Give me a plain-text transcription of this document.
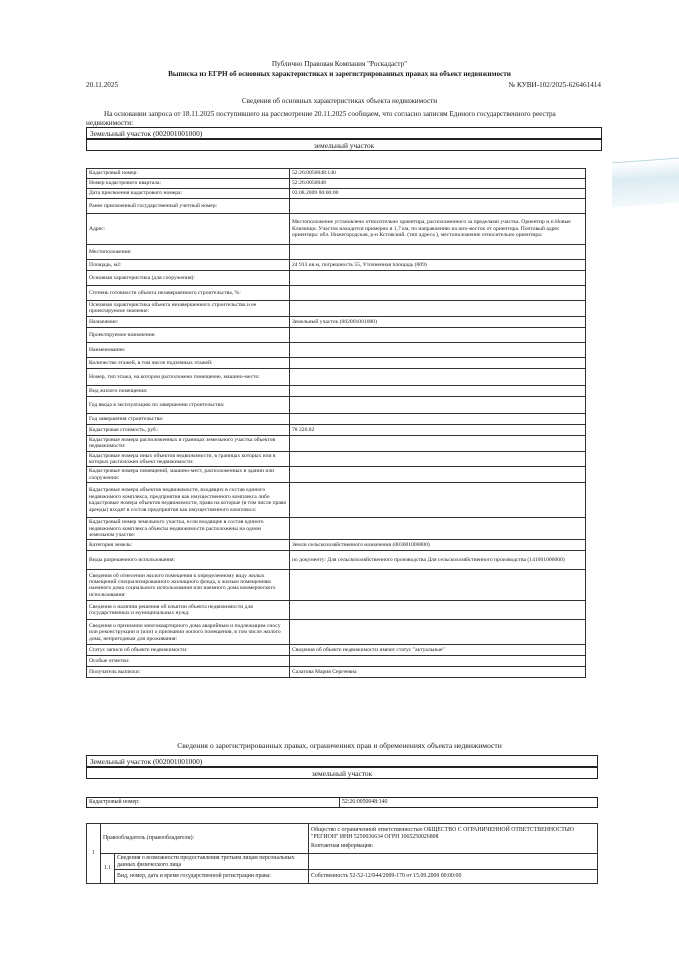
Публично Правовая Компания "Роскадастр"
Выписка из ЕГРН об основных характеристиках и зарегистрированных правах на объект недвижимости
20.11.2025	№ КУВИ-102/2025-626461414
Сведения об основных характеристиках объекта недвижимости
На основании запроса от 18.11.2025 поступившего на рассмотрение 20.11.2025 сообщаем, что согласно записям Единого государственного реестра недвижимости:
Земельный участок (002001001000)
земельный участок
Кадастровый номер:	52:26:0050048:140
Номер кадастрового квартала:	52:26:0050048
Дата присвоения кадастрового номера:	03.08.2009 00:00:00
Ранее присвоенный государственный учетный номер:	
Адрес:	Местоположение установлено относительно ориентира, расположенного за пределами участка. Ориентир н.п.Новые Ключищи. Участок находится примерно в 1,7 км, по направлению на юго-восток от ориентира. Почтовый адрес ориентира: обл. Нижегородская, р-н Кстовский. (тип адреса ), местоположение относительно ориентира:
Местоположение:	
Площадь, м2:	24 913 кв.м, погрешность 55, Уточненная площадь (009)
Основная характеристика (для сооружения):	
Степень готовности объекта незавершенного строительства, %:	
Основная характеристика объекта незавершенного строительства и ее проектируемое значение:	
Назначение:	Земельный участок (002001001000)
Проектируемое назначение:	
Наименование:	
Количество этажей, в том числе подземных этажей:	
Номер, тип этажа, на котором расположено помещение, машино-место:	
Вид жилого помещения:	
Год ввода в эксплуатацию по завершении строительства:	
Год завершения строительства:	
Кадастровая стоимость, руб.:	78 226.82
Кадастровые номера расположенных в границах земельного участка объектов недвижимости:	
Кадастровые номера иных объектов недвижимости, в границах которых или в которых расположен объект недвижимости:	
Кадастровые номера помещений, машино-мест, расположенных в здании или сооружении:	
Кадастровые номера объектов недвижимости, входящих в состав единого недвижимого комплекса, предприятия как имущественного комплекса либо кадастровые номера объектов недвижимости, права на которые (в том числе право аренды) входят в состав предприятия как имущественного комплекса:	
Кадастровый номер земельного участка, если входящие в состав единого недвижимого комплекса объекты недвижимости расположены на одном земельном участке:	
Категория земель:	Земли сельскохозяйственного назначения (003001000000)
Виды разрешенного использования:	по документу: Для сельскохозяйственного производства Для сельскохозяйственного производства (141001000000)
Сведения об отнесении жилого помещения к определенному виду жилых помещений специализированного жилищного фонда, к жилым помещениям наемного дома социального использования или наемного дома коммерческого использования:	
Сведения о наличии решения об изъятии объекта недвижимости для государственных и муниципальных нужд:	
Сведения о признании многоквартирного дома аварийным и подлежащим сносу или реконструкции и (или) о признании жилого помещения, в том числе жилого дома, непригодным для проживания:	
Статус записи об объекте недвижимости:	Сведения об объекте недвижимости имеют статус "актуальные"
Особые отметки:	
Получатель выписки:	Салатова Мария Сергеевна
Сведения о зарегистрированных правах, ограничениях прав и обременениях объекта недвижимости
Земельный участок (002001001000)
земельный участок
Кадастровый номер:	52:26:0050048:140
1	Правообладатель (правообладатели):		Общество с ограниченной ответственностью ОБЩЕСТВО С ОГРАНИЧЕННОЙ ОТВЕТСТВЕННОСТЬЮ "РЕГИОН" ИНН 5250036634 ОГРН 1065250026808
Контактная информация:

	1.1	Сведения о возможности предоставления третьим лицам персональных данных физического лица	
		Вид, номер, дата и время государственной регистрации права:	Собственность 52-52-12/044/2009-170 от 15.09.2009 00:00:00
